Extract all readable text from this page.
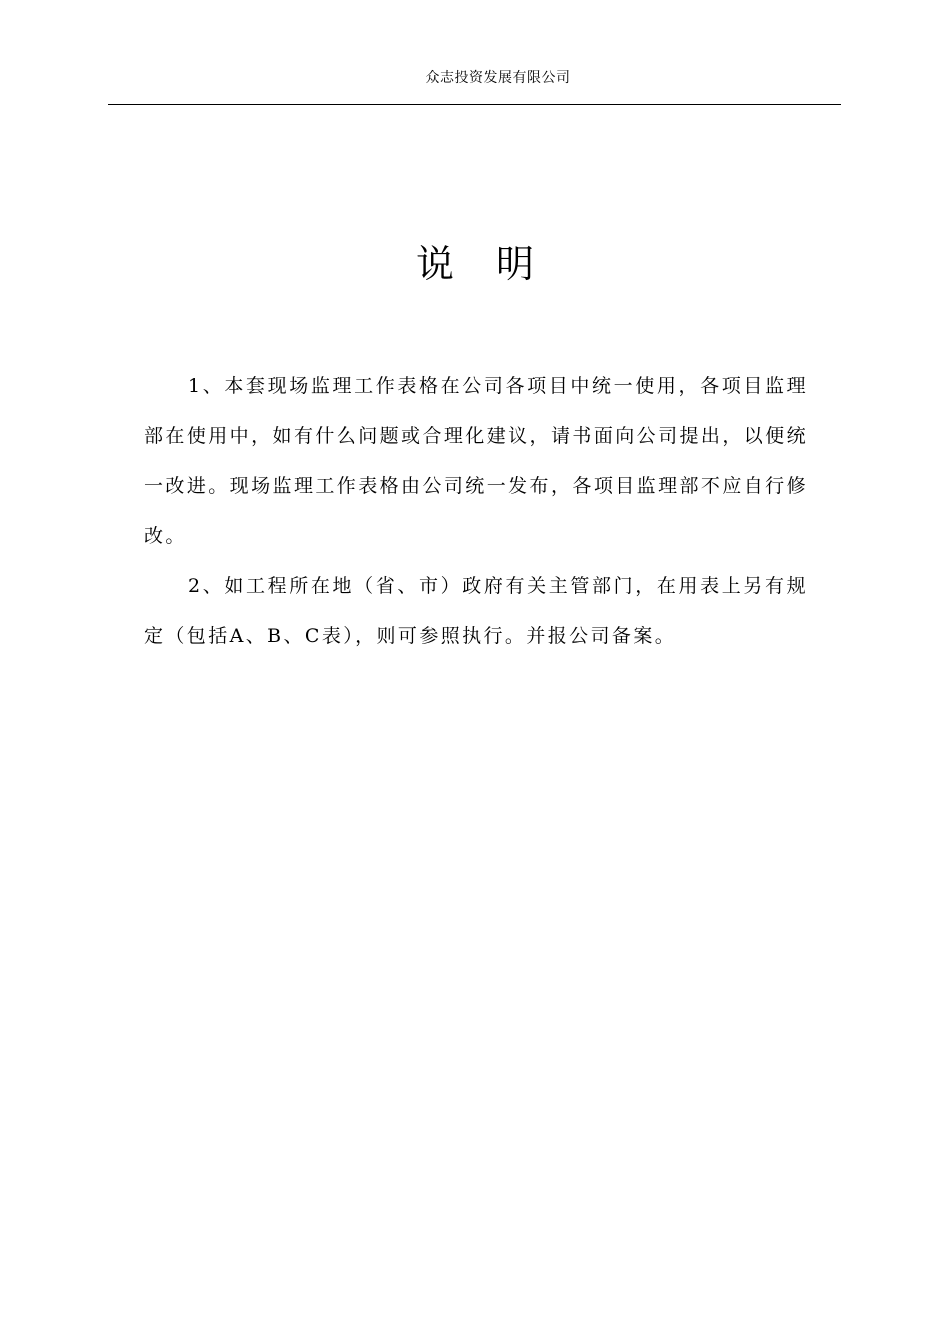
众志投资发展有限公司
说明

1、本套现场监理工作表格在公司各项目中统一使用，各项目监理部在使用中，如有什么问题或合理化建议，请书面向公司提出，以便统一改进。现场监理工作表格由公司统一发布，各项目监理部不应自行修改。

2、如工程所在地（省、市）政府有关主管部门，在用表上另有规定（包括A、B、C表），则可参照执行。并报公司备案。
